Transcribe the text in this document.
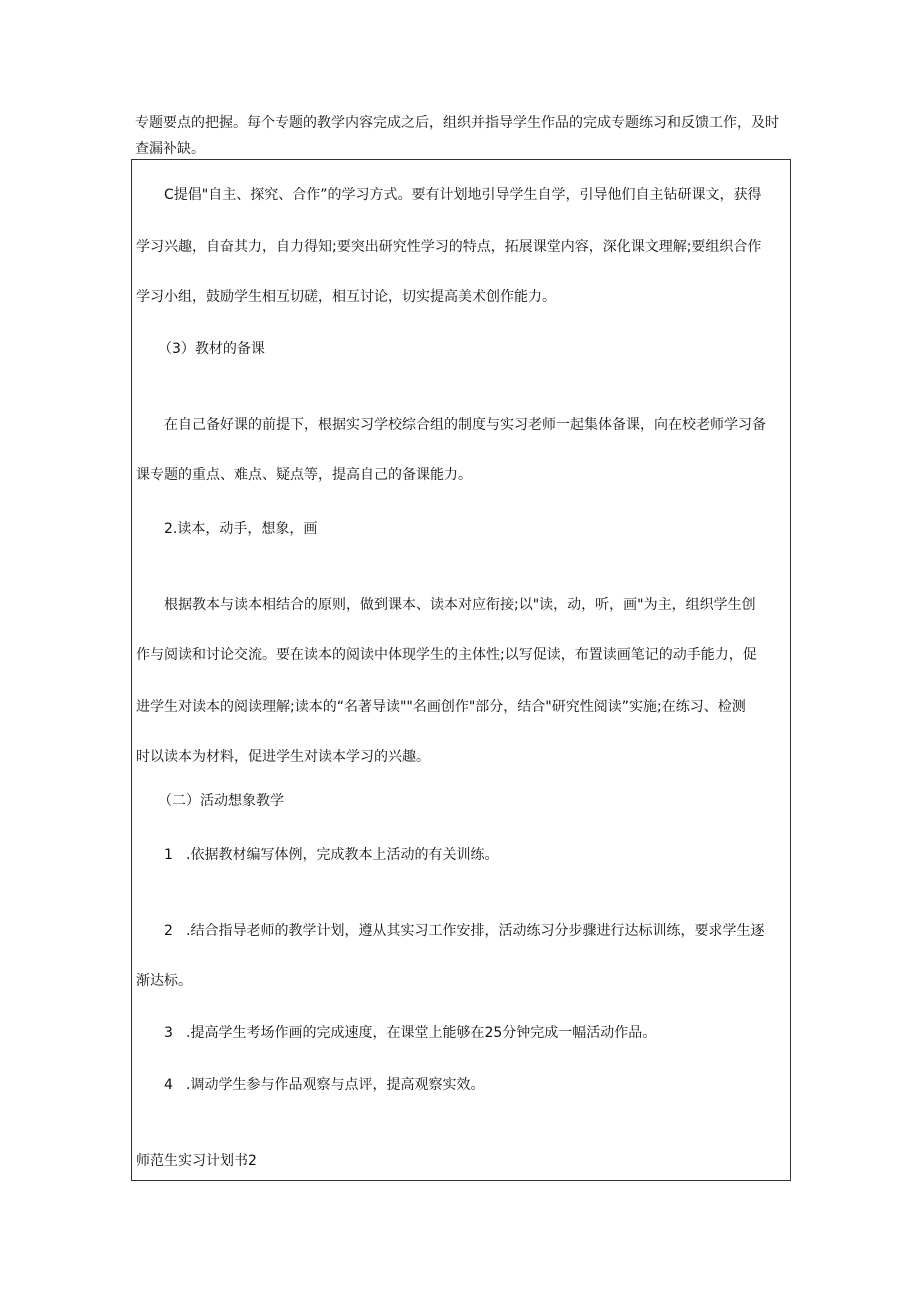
专题要点的把握。每个专题的教学内容完成之后，组织并指导学生作品的完成专题练习和反馈工作，及时查漏补缺。

C提倡"自主、探究、合作”的学习方式。要有计划地引导学生自学，引导他们自主钻研课文，获得

学习兴趣，自奋其力，自力得知;要突出研究性学习的特点，拓展课堂内容，深化课文理解;要组织合作

学习小组，鼓励学生相互切磋，相互讨论，切实提高美术创作能力。

（3）教材的备课

在自己备好课的前提下，根据实习学校综合组的制度与实习老师一起集体备课，向在校老师学习备

课专题的重点、难点、疑点等，提高自己的备课能力。

2.读本，动手，想象，画

根据教本与读本相结合的原则，做到课本、读本对应衔接;以"读，动，听，画"为主，组织学生创

作与阅读和讨论交流。要在读本的阅读中体现学生的主体性;以写促读，布置读画笔记的动手能力，促

进学生对读本的阅读理解;读本的“名著导读""名画创作"部分，结合"研究性阅读”实施;在练习、检测

时以读本为材料，促进学生对读本学习的兴趣。

（二）活动想象教学

1 .依据教材编写体例，完成教本上活动的有关训练。

2 .结合指导老师的教学计划，遵从其实习工作安排，活动练习分步骤进行达标训练，要求学生逐

渐达标。

3 .提高学生考场作画的完成速度，在课堂上能够在25分钟完成一幅活动作品。

4 .调动学生参与作品观察与点评，提高观察实效。

师范生实习计划书2
